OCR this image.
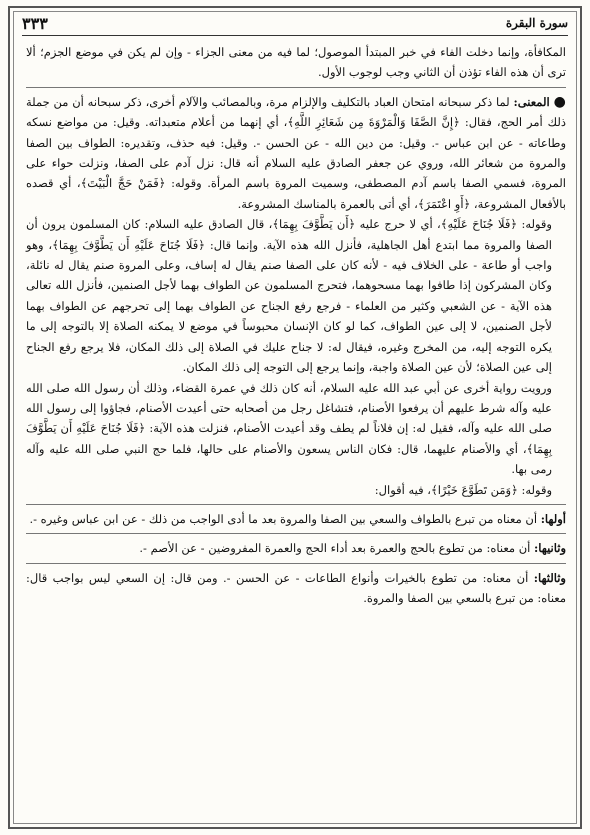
سورة البقرة
٣٣٣

المكافأة، وإنما دخلت الفاء في خبر المبتدأ الموصول؛ لما فيه من معنى الجزاء - وإن لم يكن في موضع الجزم؛ ألا ترى أن هذه الفاء تؤذن أن الثاني وجب لوجوب الأول.

●المعنى: لما ذكر سبحانه امتحان العباد بالتكليف والإلزام مرة، وبالمصائب والآلام أخرى، ذكر سبحانه أن من جملة ذلك أمر الحج، فقال: ﴿إِنَّ الصَّفَا وَالْمَرْوَةَ مِن شَعَائِرِ اللَّهِ﴾، أي إنهما من أعلام متعبداته. وقيل: من مواضع نسكه وطاعاته - عن ابن عباس -. وقيل: من دين الله - عن الحسن -. وقيل: فيه حذف، وتقديره: الطواف بين الصفا والمروة من شعائر الله، وروي عن جعفر الصادق عليه السلام أنه قال: نزل آدم على الصفا، ونزلت حواء على المروة، فسمي الصفا باسم آدم المصطفى، وسميت المروة باسم المرأة. وقوله: ﴿فَمَنْ حَجَّ الْبَيْتَ﴾، أي قصده بالأفعال المشروعة، ﴿أَوِ اعْتَمَرَ﴾، أي أتى بالعمرة بالمناسك المشروعة.

وقوله: ﴿فَلَا جُنَاحَ عَلَيْهِ﴾، أي لا حرج عليه ﴿أَن يَطَّوَّفَ بِهِمَا﴾، قال الصادق عليه السلام: كان المسلمون يرون أن الصفا والمروة مما ابتدع أهل الجاهلية، فأنزل الله هذه الآية. وإنما قال: ﴿فَلَا جُنَاحَ عَلَيْهِ أَن يَطَّوَّفَ بِهِمَا﴾، وهو واجب أو طاعة - على الخلاف فيه - لأنه كان على الصفا صنم يقال له إساف، وعلى المروة صنم يقال له نائلة، وكان المشركون إذا طافوا بهما مسحوهما، فتحرج المسلمون عن الطواف بهما لأجل الصنمين، فأنزل الله تعالى هذه الآية - عن الشعبي وكثير من العلماء - فرجع رفع الجناح عن الطواف بهما إلى تحرجهم عن الطواف بهما لأجل الصنمين، لا إلى عين الطواف، كما لو كان الإنسان محبوساً في موضع لا يمكنه الصلاة إلا بالتوجه إلى ما يكره التوجه إليه، من المخرج وغيره، فيقال له: لا جناح عليك في الصلاة إلى ذلك المكان، فلا يرجع رفع الجناح إلى عين الصلاة؛ لأن عين الصلاة واجبة، وإنما يرجع إلى التوجه إلى ذلك المكان.

ورويت رواية أخرى عن أبي عبد الله عليه السلام، أنه كان ذلك في عمرة القضاء، وذلك أن رسول الله صلى الله عليه وآله شرط عليهم أن يرفعوا الأصنام، فتشاغل رجل من أصحابه حتى أعيدت الأصنام، فجاؤوا إلى رسول الله صلى الله عليه وآله، فقيل له: إن فلاناً لم يطف وقد أعيدت الأصنام، فنزلت هذه الآية: ﴿فَلَا جُنَاحَ عَلَيْهِ أَن يَطَّوَّفَ بِهِمَا﴾، أي والأصنام عليهما، قال: فكان الناس يسعون والأصنام على حالها، فلما حج النبي صلى الله عليه وآله رمى بها.

وقوله: ﴿وَمَن تَطَوَّعَ خَيْرًا﴾، فيه أقوال:

أولها: أن معناه من تبرع بالطواف والسعي بين الصفا والمروة بعد ما أدى الواجب من ذلك - عن ابن عباس وغيره -.

وثانيها: أن معناه: من تطوع بالحج والعمرة بعد أداء الحج والعمرة المفروضين - عن الأصم -.

وثالثها: أن معناه: من تطوع بالخيرات وأنواع الطاعات - عن الحسن -. ومن قال: إن السعي ليس بواجب قال: معناه: من تبرع بالسعي بين الصفا والمروة.
